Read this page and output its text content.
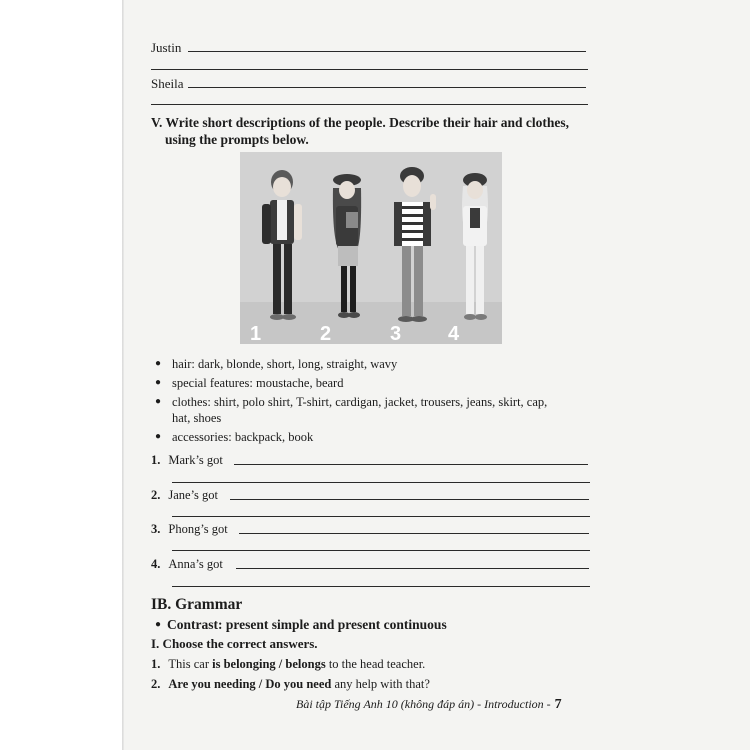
Justin
Sheila
V. Write short descriptions of the people. Describe their hair and clothes,
using the prompts below.
1	2	3 4
● hair: dark, blonde, short, long, straight, wavy
● special features: moustache, beard
● clothes: shirt, polo shirt, T-shirt, cardigan, jacket, trousers, jeans, skirt, cap,
hat, shoes
● accessories: backpack, book
1. Mark’s got
2. Jane’s got
3. Phong’s got
4. Anna’s got
IB. Grammar
● Contrast: present simple and present continuous
I. Choose the correct answers.
1. This car is belonging / belongs to the head teacher.
2. Are you needing / Do you need any help with that?
Bài tập Tiếng Anh 10 (không đáp án) - Introduction - 7
